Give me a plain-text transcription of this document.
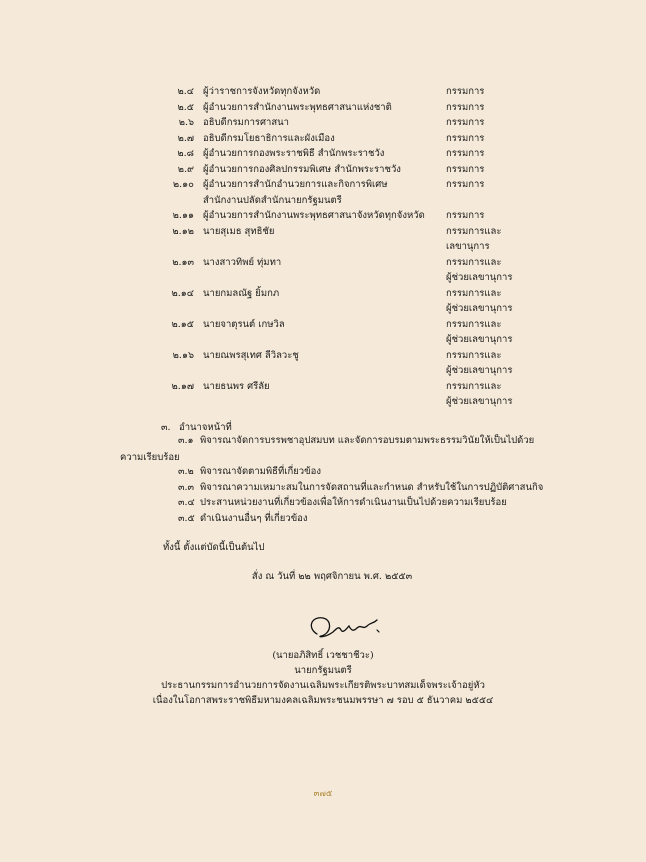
๒.๔ ผู้ว่าราชการจังหวัดทุกจังหวัด	กรรมการ
๒.๕ ผู้อำนวยการสำนักงานพระพุทธศาสนาแห่งชาติ	กรรมการ
๒.๖ อธิบดีกรมการศาสนา	กรรมการ
๒.๗ อธิบดีกรมโยธาธิการและผังเมือง	กรรมการ
๒.๘ ผู้อำนวยการกองพระราชพิธี สำนักพระราชวัง	กรรมการ
๒.๙ ผู้อำนวยการกองศิลปกรรมพิเศษ สำนักพระราชวัง	กรรมการ
๒.๑๐ ผู้อำนวยการสำนักอำนวยการและกิจการพิเศษ	กรรมการ
สำนักงานปลัดสำนักนายกรัฐมนตรี
๒.๑๑ ผู้อำนวยการสำนักงานพระพุทธศาสนาจังหวัดทุกจังหวัด กรรมการ
๒.๑๒ นายสุเมธ สุทธิชัย	กรรมการและ
เลขานุการ
๒.๑๓ นางสาวทิพย์ ทุ่มทา	กรรมการและ
ผู้ช่วยเลขานุการ
๒.๑๔ นายกมลณัฐ ยิ้มกภ	กรรมการและ
ผู้ช่วยเลขานุการ
๒.๑๕ นายจาตุรนต์ เกษวิล	กรรมการและ
ผู้ช่วยเลขานุการ
๒.๑๖ นายณพรสุเทศ ลีวิลวะชู	กรรมการและ
ผู้ช่วยเลขานุการ
๒.๑๗ นายธนพร ศรีลัย	กรรมการและ
ผู้ช่วยเลขานุการ
๓. อำนาจหน้าที่
๓.๑ พิจารณาจัดการบรรพชาอุปสมบท และจัดการอบรมตามพระธรรมวินัยให้เป็นไปด้วย
ความเรียบร้อย
๓.๒ พิจารณาจัดตามพิธีที่เกี่ยวข้อง
๓.๓ พิจารณาความเหมาะสมในการจัดสถานที่และกำหนด สำหรับใช้ในการปฏิบัติศาสนกิจ
๓.๔ ประสานหน่วยงานที่เกี่ยวข้องเพื่อให้การดำเนินงานเป็นไปด้วยความเรียบร้อย
๓.๕ ดำเนินงานอื่นๆ ที่เกี่ยวข้อง
ทั้งนี้ ตั้งแต่บัดนี้เป็นต้นไป
สั่ง ณ วันที่ ๒๒ พฤศจิกายน พ.ศ. ๒๕๕๓
(นายอภิสิทธิ์ เวชชาชีวะ)
นายกรัฐมนตรี
ประธานกรรมการอำนวยการจัดงานเฉลิมพระเกียรติพระบาทสมเด็จพระเจ้าอยู่หัว
เนื่องในโอกาสพระราชพิธีมหามงคลเฉลิมพระชนมพรรษา ๗ รอบ ๕ ธันวาคม ๒๕๕๔
๓๗๕
